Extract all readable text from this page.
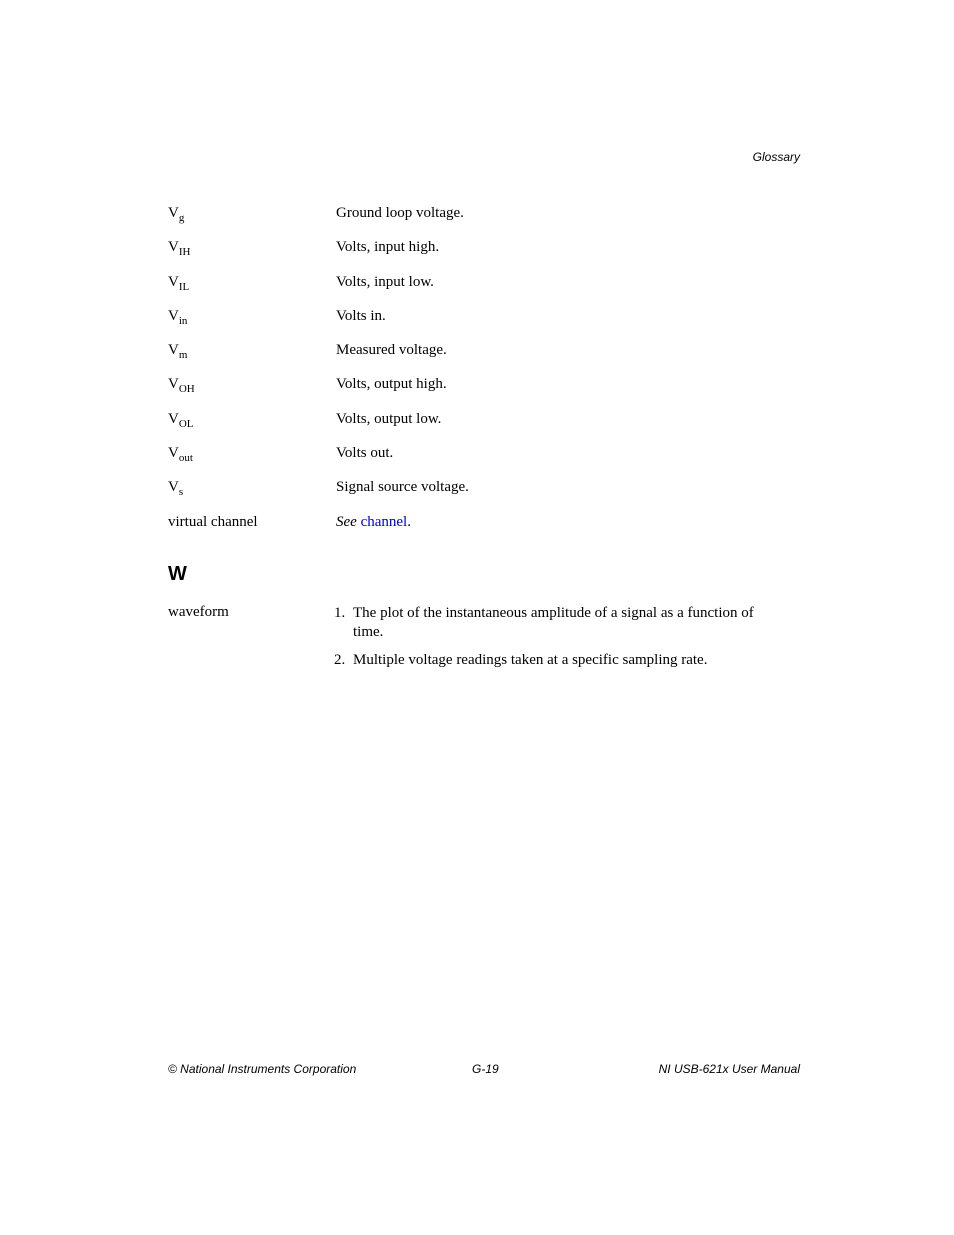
Glossary
$V_g$	Ground loop voltage.
$V_{IH}$	Volts, input high.
$V_{IL}$	Volts, input low.
$V_{in}$	Volts in.
$V_m$	Measured voltage.
$V_{OH}$	Volts, output high.
$V_{OL}$	Volts, output low.
$V_{out}$	Volts out.
$V_s$	Signal source voltage.
virtual channel	See channel.
W
waveform	1. The plot of the instantaneous amplitude of a signal as a function of time.
2. Multiple voltage readings taken at a specific sampling rate.
© National Instruments Corporation	G-19	NI USB-621x User Manual
